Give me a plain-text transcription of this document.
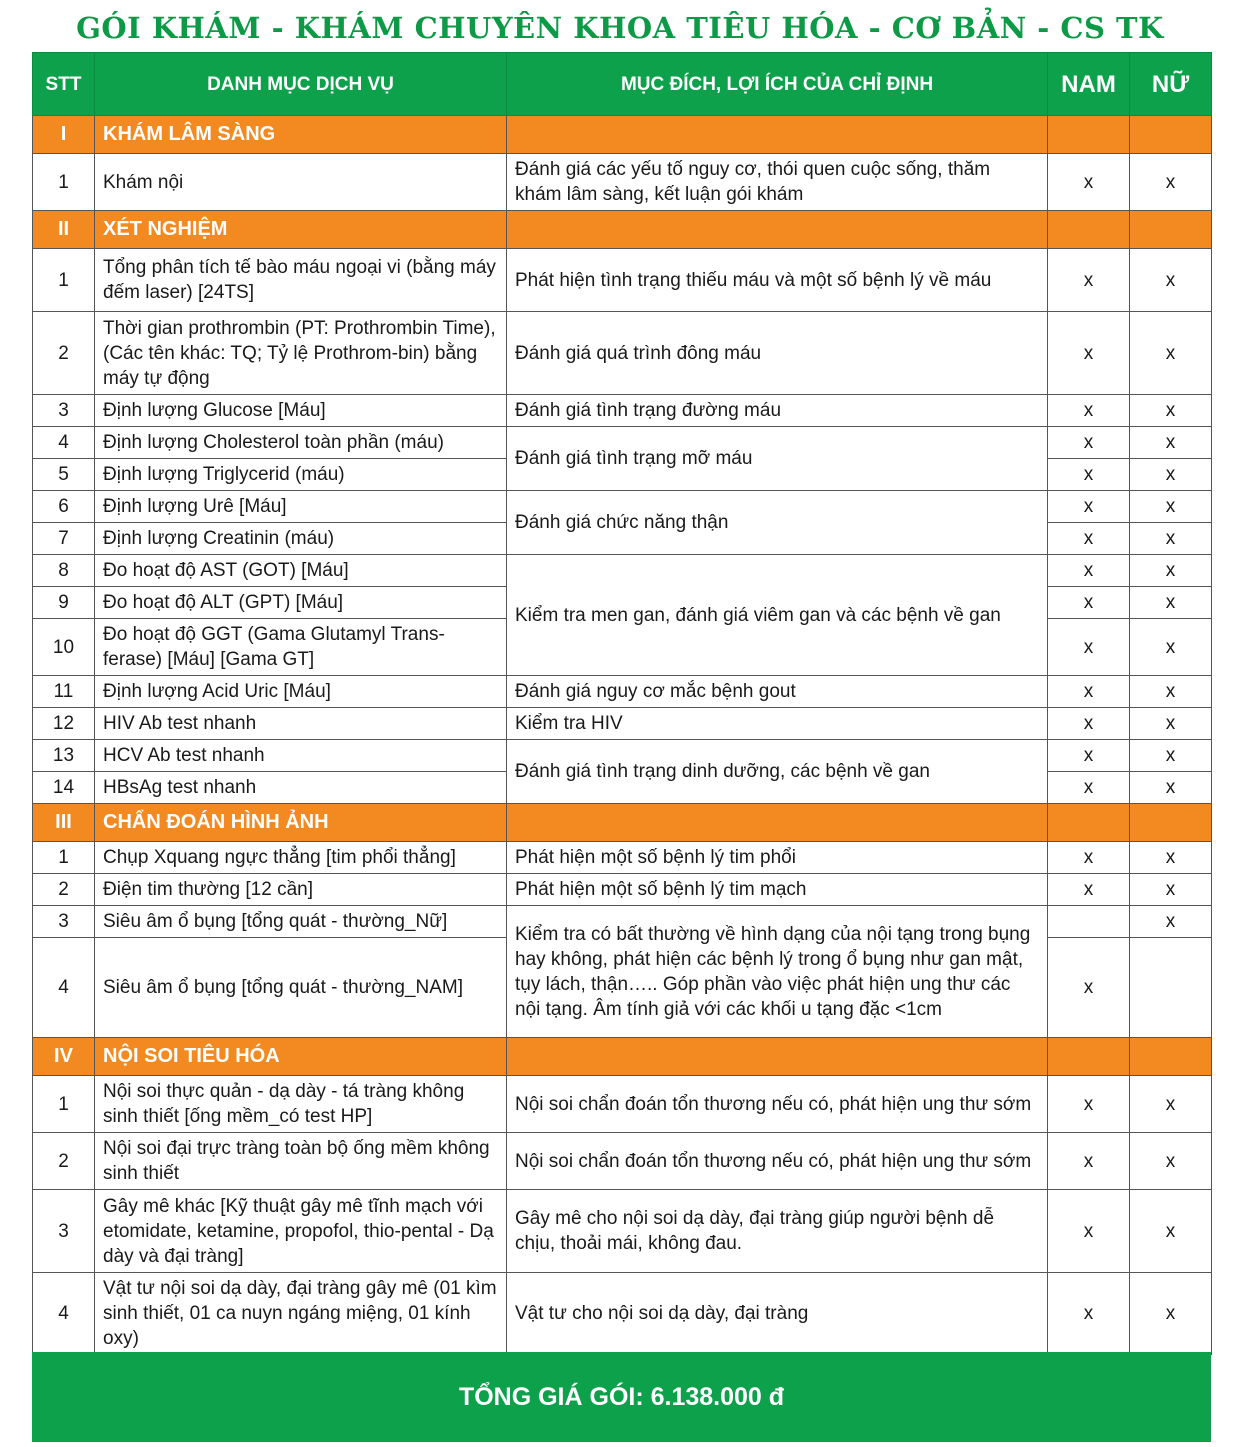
GÓI KHÁM - KHÁM CHUYÊN KHOA TIÊU HÓA - CƠ BẢN - CS TK
STT	DANH MỤC DỊCH VỤ	MỤC ĐÍCH, LỢI ÍCH CỦA CHỈ ĐỊNH	NAM	NỮ
I	KHÁM LÂM SÀNG			
1	Khám nội	Đánh giá các yếu tố nguy cơ, thói quen cuộc sống, thăm khám lâm sàng, kết luận gói khám	x	x
II	XÉT NGHIỆM			
1	Tổng phân tích tế bào máu ngoại vi (bằng máy đếm laser) [24TS]	Phát hiện tình trạng thiếu máu và một số bệnh lý về máu	x	x
2	Thời gian prothrombin (PT: Prothrombin Time), (Các tên khác: TQ; Tỷ lệ Prothrom-bin) bằng máy tự động	Đánh giá quá trình đông máu	x	x
3	Định lượng Glucose [Máu]	Đánh giá tình trạng đường máu	x	x
4	Định lượng Cholesterol toàn phần (máu)	Đánh giá tình trạng mỡ máu	x	x
5	Định lượng Triglycerid (máu)		x	x
6	Định lượng Urê [Máu]	Đánh giá chức năng thận	x	x
7	Định lượng Creatinin (máu)		x	x
8	Đo hoạt độ AST (GOT) [Máu]	Kiểm tra men gan, đánh giá viêm gan và các bệnh về gan	x	x
9	Đo hoạt độ ALT (GPT) [Máu]		x	x
10	Đo hoạt độ GGT (Gama Glutamyl Trans-ferase) [Máu] [Gama GT]		x	x
11	Định lượng Acid Uric [Máu]	Đánh giá nguy cơ mắc bệnh gout	x	x
12	HIV Ab test nhanh	Kiểm tra HIV	x	x
13	HCV Ab test nhanh	Đánh giá tình trạng dinh dưỡng, các bệnh về gan	x	x
14	HBsAg test nhanh		x	x
III	CHẨN ĐOÁN HÌNH ẢNH			
1	Chụp Xquang ngực thẳng [tim phổi thẳng]	Phát hiện một số bệnh lý tim phổi	x	x
2	Điện tim thường [12 cần]	Phát hiện một số bệnh lý tim mạch	x	x
3	Siêu âm ổ bụng [tổng quát - thường_Nữ]	Kiểm tra có bất thường về hình dạng của nội tạng trong bụng hay không, phát hiện các bệnh lý trong ổ bụng như gan mật, tụy lách, thận….. Góp phần vào việc phát hiện ung thư các nội tạng. Âm tính giả với các khối u tạng đặc <1cm		x
4	Siêu âm ổ bụng [tổng quát - thường_NAM]		x	
IV	NỘI SOI TIÊU HÓA			
1	Nội soi thực quản - dạ dày - tá tràng không sinh thiết [ống mềm_có test HP]	Nội soi chẩn đoán tổn thương nếu có, phát hiện ung thư sớm	x	x
2	Nội soi đại trực tràng toàn bộ ống mềm không sinh thiết	Nội soi chẩn đoán tổn thương nếu có, phát hiện ung thư sớm	x	x
3	Gây mê khác [Kỹ thuật gây mê tĩnh mạch với etomidate, ketamine, propofol, thio-pental - Dạ dày và đại tràng]	Gây mê cho nội soi dạ dày, đại tràng giúp người bệnh dễ chịu, thoải mái, không đau.	x	x
4	Vật tư nội soi dạ dày, đại tràng gây mê (01 kìm sinh thiết, 01 ca nuyn ngáng miệng, 01 kính oxy)	Vật tư cho nội soi dạ dày, đại tràng	x	x
TỔNG GIÁ GÓI: 6.138.000 đ
